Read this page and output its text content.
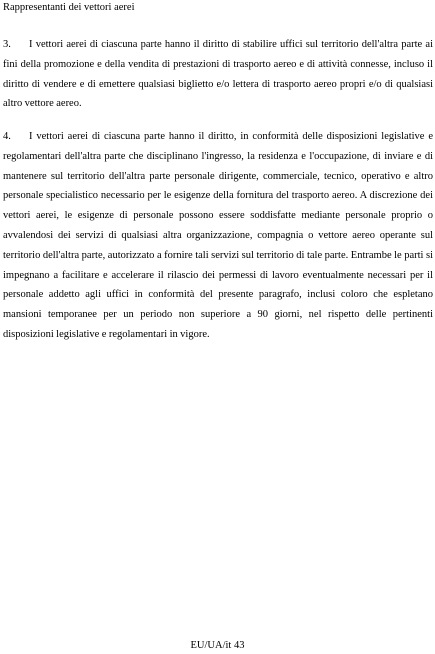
Rappresentanti dei vettori aerei
3. I vettori aerei di ciascuna parte hanno il diritto di stabilire uffici sul territorio dell'altra parte ai fini della promozione e della vendita di prestazioni di trasporto aereo e di attività connesse, incluso il diritto di vendere e di emettere qualsiasi biglietto e/o lettera di trasporto aereo propri e/o di qualsiasi altro vettore aereo.
4. I vettori aerei di ciascuna parte hanno il diritto, in conformità delle disposizioni legislative e regolamentari dell'altra parte che disciplinano l'ingresso, la residenza e l'occupazione, di inviare e di mantenere sul territorio dell'altra parte personale dirigente, commerciale, tecnico, operativo e altro personale specialistico necessario per le esigenze della fornitura del trasporto aereo. A discrezione dei vettori aerei, le esigenze di personale possono essere soddisfatte mediante personale proprio o avvalendosi dei servizi di qualsiasi altra organizzazione, compagnia o vettore aereo operante sul territorio dell'altra parte, autorizzato a fornire tali servizi sul territorio di tale parte. Entrambe le parti si impegnano a facilitare e accelerare il rilascio dei permessi di lavoro eventualmente necessari per il personale addetto agli uffici in conformità del presente paragrafo, inclusi coloro che espletano mansioni temporanee per un periodo non superiore a 90 giorni, nel rispetto delle pertinenti disposizioni legislative e regolamentari in vigore.
EU/UA/it 43
